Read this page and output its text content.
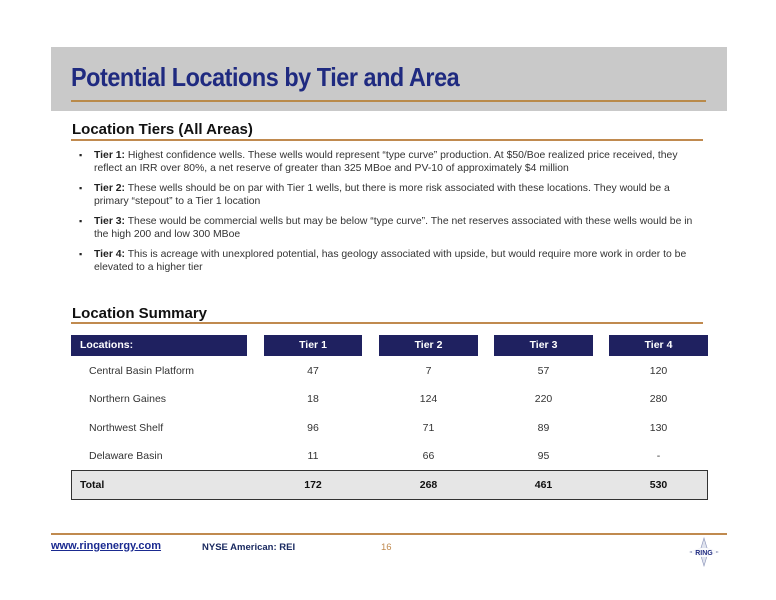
Potential Locations by Tier and Area
Location Tiers (All Areas)
▪ Tier 1: Highest confidence wells. These wells would represent “type curve” production. At $50/Boe realized price received, they reflect an IRR over 80%, a net reserve of greater than 325 MBoe and PV-10 of approximately $4 million
▪ Tier 2: These wells should be on par with Tier 1 wells, but there is more risk associated with these locations. They would be a primary “stepout” to a Tier 1 location
▪ Tier 3: These would be commercial wells but may be below “type curve”. The net reserves associated with these wells would be in the high 200 and low 300 MBoe
▪ Tier 4: This is acreage with unexplored potential, has geology associated with upside, but would require more work in order to be elevated to a higher tier
Location Summary
Locations:	Tier 1	Tier 2	Tier 3	Tier 4
Central Basin Platform	47	7	57	120
Northern Gaines	18	124	220	280
Northwest Shelf	96	71	89	130
Delaware Basin	11	66	95	-
Total	172	268	461	530
www.ringenergy.com	NYSE American: REI	16
RING
